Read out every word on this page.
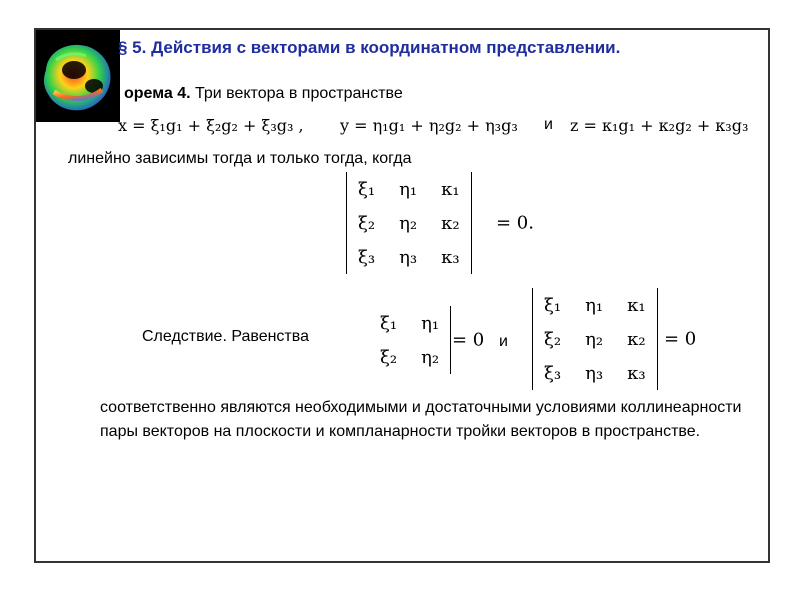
§ 5. Действия с векторами в координатном представлении.
орема 4. Три вектора в пространстве
x = ξ₁g₁ + ξ₂g₂ + ξ₃g₃ , y = η₁g₁ + η₂g₂ + η₃g₃ и z = κ₁g₁ + κ₂g₂ + κ₃g₃
линейно зависимы тогда и только тогда, когда
ξ₁	η₁	κ₁
ξ₂	η₂	κ₂
ξ₃	η₃	κ₃
= 0.
Следствие. Равенства
ξ₁	η₁
ξ₂	η₂
= 0 и
ξ₁	η₁	κ₁
ξ₂	η₂	κ₂
ξ₃	η₃	κ₃
= 0
соответственно являются необходимыми и достаточными условиями коллинеарности пары векторов на плоскости и компланарности тройки векторов в пространстве.
